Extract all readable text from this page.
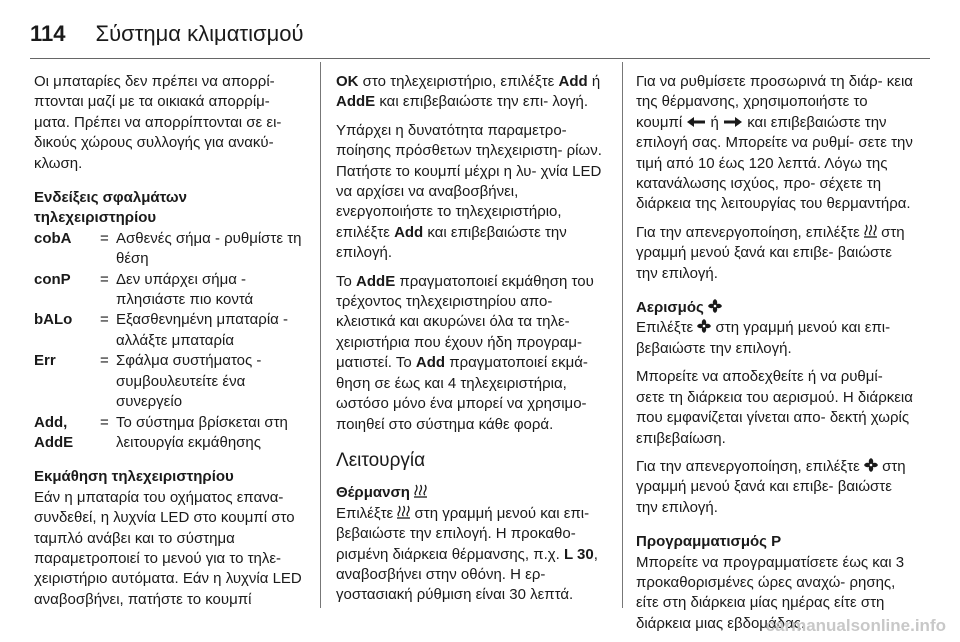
114 Σύστημα κλιματισμού

Οι μπαταρίες δεν πρέπει να απορρί‐ πτονται μαζί με τα οικιακά απορρίμ‐ ματα. Πρέπει να απορρίπτονται σε ει‐ δικούς χώρους συλλογής για ανακύ‐ κλωση.

Ενδείξεις σφαλμάτων
τηλεχειριστηρίου
cobA	=	Ασθενές σήμα - ρυθμίστε τη θέση
conP	=	Δεν υπάρχει σήμα - πλησιάστε πιο κοντά
bALo	=	Εξασθενημένη μπαταρία - αλλάξτε μπαταρία
Err	=	Σφάλμα συστήματος - συμβουλευτείτε ένα συνεργείο
Add, AddE	=	Το σύστημα βρίσκεται στη λειτουργία εκμάθησης
Εκμάθηση τηλεχειριστηρίου

Εάν η μπαταρία του οχήματος επανα‐ συνδεθεί, η λυχνία LED στο κουμπί στο ταμπλό ανάβει και το σύστημα παραμετροποιεί το μενού για το τηλε‐ χειριστήριο αυτόματα. Εάν η λυχνία LED αναβοσβήνει, πατήστε το κουμπί

OK στο τηλεχειριστήριο, επιλέξτε Add ή AddE και επιβεβαιώστε την επι‐ λογή.

Υπάρχει η δυνατότητα παραμετρο‐ ποίησης πρόσθετων τηλεχειριστη‐ ρίων. Πατήστε το κουμπί μέχρι η λυ‐ χνία LED να αρχίσει να αναβοσβήνει, ενεργοποιήστε το τηλεχειριστήριο, επιλέξτε Add και επιβεβαιώστε την επιλογή.

Το AddE πραγματοποιεί εκμάθηση του τρέχοντος τηλεχειριστηρίου απο‐ κλειστικά και ακυρώνει όλα τα τηλε‐ χειριστήρια που έχουν ήδη προγραμ‐ ματιστεί. Το Add πραγματοποιεί εκμά‐ θηση σε έως και 4 τηλεχειριστήρια, ωστόσο μόνο ένα μπορεί να χρησιμο‐ ποιηθεί στο σύστημα κάθε φορά.

Λειτουργία
Θέρμανση

Επιλέξτε  στη γραμμή μενού και επι‐ βεβαιώστε την επιλογή. Η προκαθο‐ ρισμένη διάρκεια θέρμανσης, π.χ. L 30, αναβοσβήνει στην οθόνη. Η ερ‐ γοστασιακή ρύθμιση είναι 30 λεπτά.

Για να ρυθμίσετε προσωρινά τη διάρ‐ κεια της θέρμανσης, χρησιμοποιήστε το κουμπί  ή  και επιβεβαιώστε την επιλογή σας. Μπορείτε να ρυθμί‐ σετε την τιμή από 10 έως 120 λεπτά. Λόγω της κατανάλωσης ισχύος, προ‐ σέχετε τη διάρκεια της λειτουργίας του θερμαντήρα.

Για την απενεργοποίηση, επιλέξτε  στη γραμμή μενού ξανά και επιβε‐ βαιώστε την επιλογή.

Αερισμός

Επιλέξτε  στη γραμμή μενού και επι‐ βεβαιώστε την επιλογή.

Μπορείτε να αποδεχθείτε ή να ρυθμί‐ σετε τη διάρκεια του αερισμού. Η διάρκεια που εμφανίζεται γίνεται απο‐ δεκτή χωρίς επιβεβαίωση.

Για την απενεργοποίηση, επιλέξτε  στη γραμμή μενού ξανά και επιβε‐ βαιώστε την επιλογή.

Προγραμματισμός P

Μπορείτε να προγραμματίσετε έως και 3 προκαθορισμένες ώρες αναχώ‐ ρησης, είτε στη διάρκεια μίας ημέρας είτε στη διάρκεια μιας εβδομάδας.

carmanualsonline.info
